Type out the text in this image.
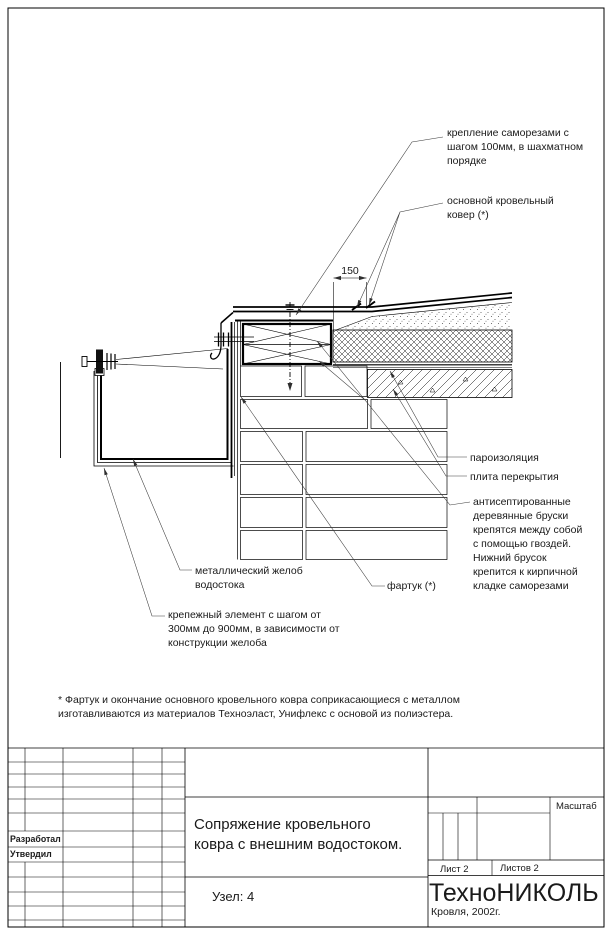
150
крепление саморезами с
шагом 100мм, в шахматном
порядке
основной кровельный
ковер (*)
пароизоляция
плита перекрытия
антисептированные
деревянные бруски
крепятся между собой
с помощью гвоздей.
Нижний брусок
крепится к кирпичной
кладке саморезами
фартук (*)
металлический желоб
водостока
крепежный элемент с шагом от
300мм до 900мм, в зависимости от
конструкции желоба
* Фартук и окончание основного кровельного ковра соприкасающиеся с металлом
изготавливаются из материалов Техноэласт, Унифлекс с основой из полиэстера.
Разработал
Утвердил
Сопряжение кровельного
ковра с внешним водостоком.
Узел: 4
Масштаб
Лист 2	Листов 2
ТехноНИКОЛЬ
Кровля, 2002г.
